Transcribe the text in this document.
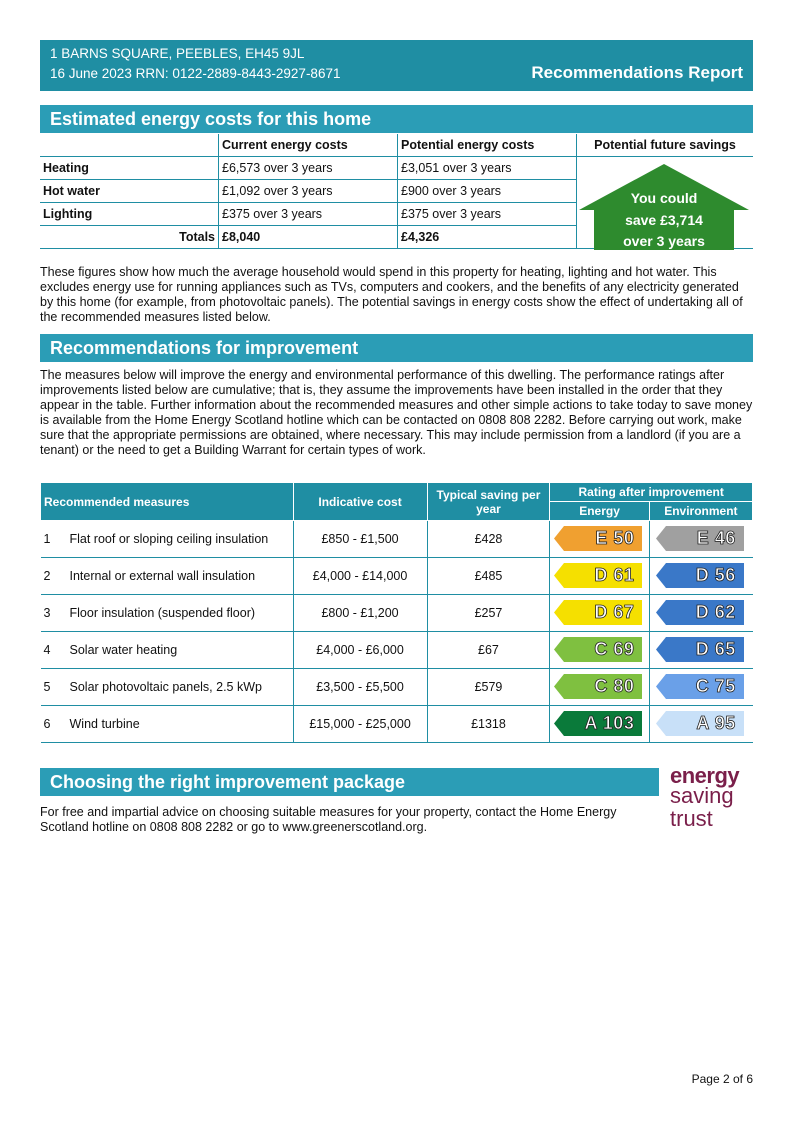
1 BARNS SQUARE, PEEBLES, EH45 9JL
16 June 2023 RRN: 0122-2889-8443-2927-8671	Recommendations Report
Estimated energy costs for this home
	Current energy costs	Potential energy costs	Potential future savings
Heating	£6,573 over 3 years	£3,051 over 3 years	
Hot water	£1,092 over 3 years	£900 over 3 years	
Lighting	£375 over 3 years	£375 over 3 years	
Totals	£8,040	£4,326	
You could
save £3,714
over 3 years
These figures show how much the average household would spend in this property for heating, lighting and hot water. This excludes energy use for running appliances such as TVs, computers and cookers, and the benefits of any electricity generated by this home (for example, from photovoltaic panels). The potential savings in energy costs show the effect of undertaking all of the recommended measures listed below.
Recommendations for improvement
The measures below will improve the energy and environmental performance of this dwelling. The performance ratings after improvements listed below are cumulative; that is, they assume the improvements have been installed in the order that they appear in the table. Further information about the recommended measures and other simple actions to take today to save money is available from the Home Energy Scotland hotline which can be contacted on 0808 808 2282. Before carrying out work, make sure that the appropriate permissions are obtained, where necessary. This may include permission from a landlord (if you are a tenant) or the need to get a Building Warrant for certain types of work.
Recommended measures	Indicative cost	Typical saving per year	Rating after improvement	
			Energy	Environment
1 Flat roof or sloping ceiling insulation	£850 - £1,500	£428	E 50	E 46

2 Internal or external wall insulation	£4,000 - £14,000	£485	D 61	D 56

3 Floor insulation (suspended floor)	£800 - £1,200	£257	D 67	D 62

4 Solar water heating	£4,000 - £6,000	£67	C 69	D 65

5 Solar photovoltaic panels, 2.5 kWp	£3,500 - £5,500	£579	C 80	C 75

6 Wind turbine	£15,000 - £25,000	£1318	A 103	A 95
Choosing the right improvement package
For free and impartial advice on choosing suitable measures for your property, contact the Home Energy Scotland hotline on 0808 808 2282 or go to www.greenerscotland.org.
energy
saving
trust
Page 2 of 6
